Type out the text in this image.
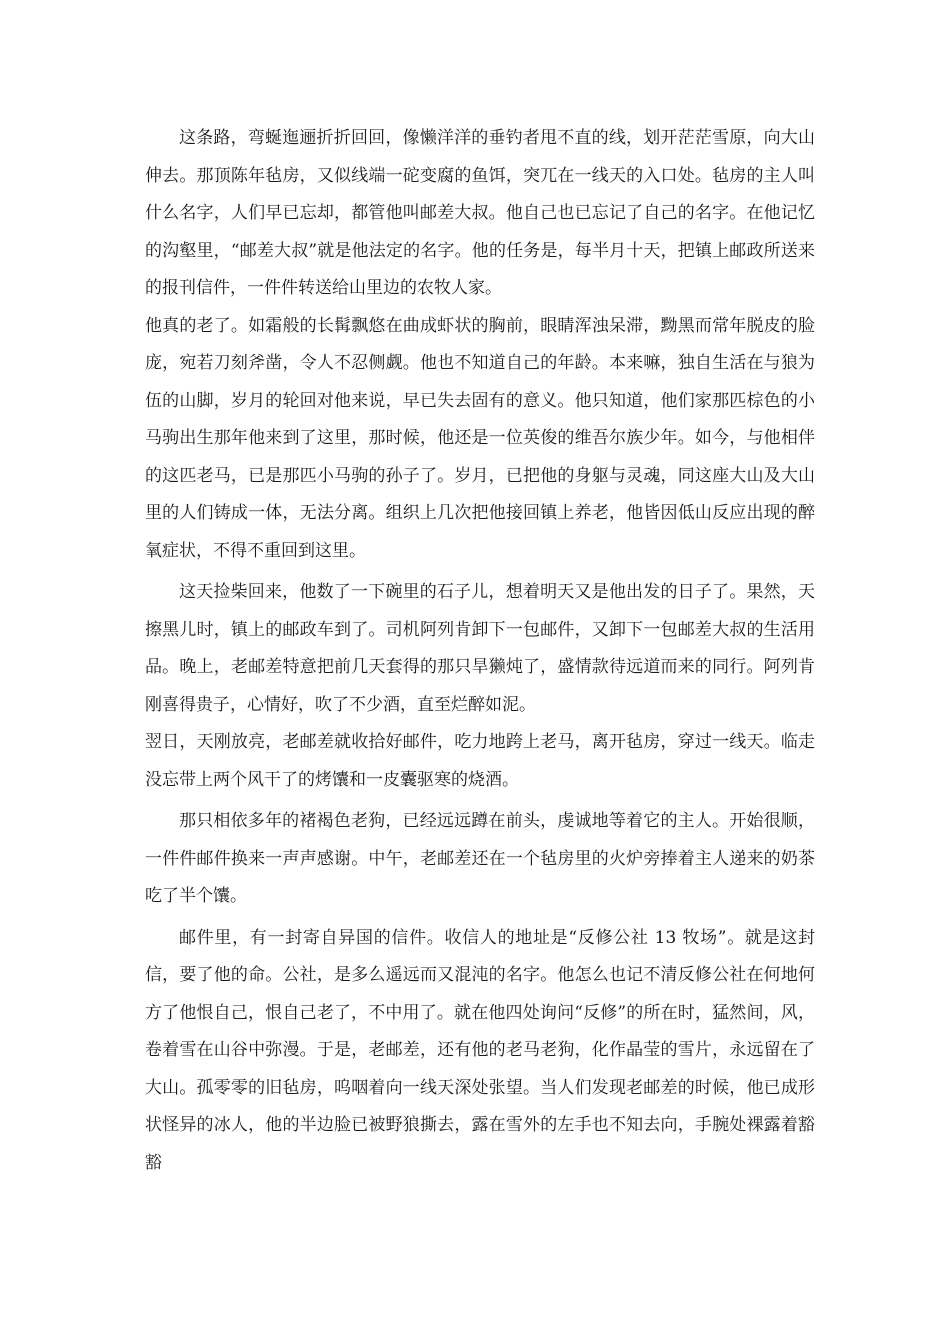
这条路，弯蜒迤逦折折回回，像懒洋洋的垂钓者甩不直的线，划开茫茫雪原，向大山伸去。那顶陈年毡房，又似线端一砣变腐的鱼饵，突兀在一线天的入口处。毡房的主人叫什么名字，人们早已忘却，都管他叫邮差大叔。他自己也已忘记了自己的名字。在他记忆的沟壑里，“邮差大叔”就是他法定的名字。他的任务是，每半月十天，把镇上邮政所送来的报刊信件，一件件转送给山里边的农牧人家。

他真的老了。如霜般的长髯飘悠在曲成虾状的胸前，眼睛浑浊呆滞，黝黑而常年脱皮的脸庞，宛若刀刻斧凿，令人不忍侧觑。他也不知道自己的年龄。本来嘛，独自生活在与狼为伍的山脚，岁月的轮回对他来说，早已失去固有的意义。他只知道，他们家那匹棕色的小马驹出生那年他来到了这里，那时候，他还是一位英俊的维吾尔族少年。如今，与他相伴的这匹老马，已是那匹小马驹的孙子了。岁月，已把他的身躯与灵魂，同这座大山及大山里的人们铸成一体，无法分离。组织上几次把他接回镇上养老，他皆因低山反应出现的醉氧症状，不得不重回到这里。

这天捡柴回来，他数了一下碗里的石子儿，想着明天又是他出发的日子了。果然，天擦黑儿时，镇上的邮政车到了。司机阿列肯卸下一包邮件，又卸下一包邮差大叔的生活用品。晚上，老邮差特意把前几天套得的那只旱獭炖了，盛情款待远道而来的同行。阿列肯刚喜得贵子，心情好，吹了不少酒，直至烂醉如泥。

翌日，天刚放亮，老邮差就收拾好邮件，吃力地跨上老马，离开毡房，穿过一线天。临走没忘带上两个风干了的烤馕和一皮囊驱寒的烧酒。

那只相依多年的褚褐色老狗，已经远远蹲在前头，虔诚地等着它的主人。开始很顺，一件件邮件换来一声声感谢。中午，老邮差还在一个毡房里的火炉旁捧着主人递来的奶茶吃了半个馕。

邮件里，有一封寄自异国的信件。收信人的地址是“反修公社 13 牧场”。就是这封信，要了他的命。公社，是多么遥远而又混沌的名字。他怎么也记不清反修公社在何地何方了他恨自己，恨自己老了，不中用了。就在他四处询问“反修”的所在时，猛然间，风，卷着雪在山谷中弥漫。于是，老邮差，还有他的老马老狗，化作晶莹的雪片，永远留在了大山。孤零零的旧毡房，呜咽着向一线天深处张望。当人们发现老邮差的时候，他已成形状怪异的冰人，他的半边脸已被野狼撕去，露在雪外的左手也不知去向，手腕处裸露着豁豁
